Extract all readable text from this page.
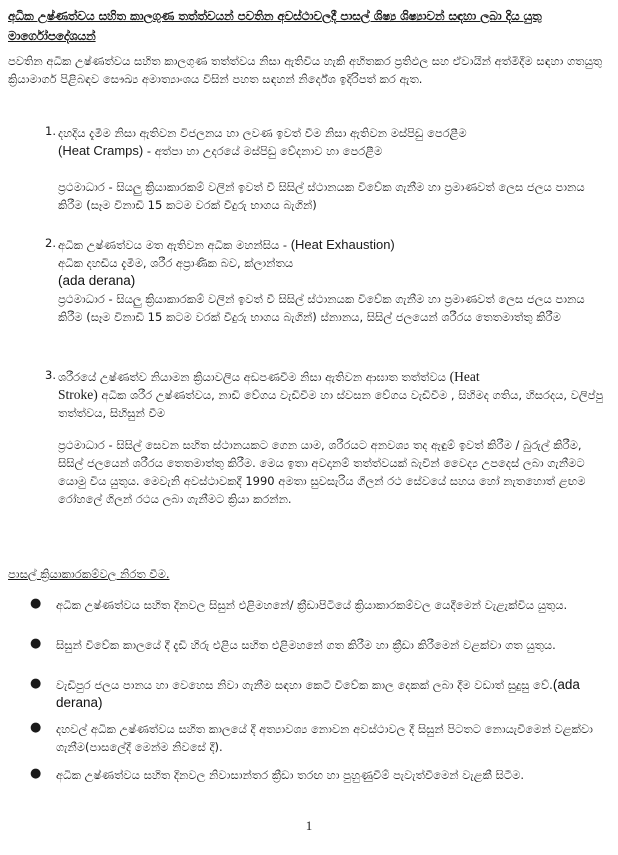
අධික උෂ්ණත්වය සහිත කාලගුණ තත්ත්වයන් පවතින අවස්ථාවලදී පාසල් ශිෂ්‍ය ශිෂ්‍යාවන් සඳහා ලබා දිය යුතු මාර්ගෝපදේශයන්
පවතින අධික උෂ්ණත්වය සහිත කාලගුණ තත්ත්වය නිසා ඇතිවිය හැකි අහිතකර ප්‍රතිඵල සහ ඒවායින් අත්මිදීම සඳහා ගතයුතු ක්‍රියාමාර්ග පිළිබඳව සෞඛ්‍ය අමාත්‍යාංශය විසින් පහත සඳහන් නිර්දේශ ඉදිරිපත් කර ඇත.
1. දහදිය දැමීම නිසා ඇතිවන විජලනය හා ලවණ ඉවත් වීම නිසා ඇතිවන මස්පිඩු පෙරළීම

(Heat Cramps) - අත්පා හා උදරයේ මස්පිඩු වේදනාව හා පෙරළීම

ප්‍රථමාධාර - සියලු ක්‍රියාකාරකම් වලින් ඉවත් වී සිසිල් ස්ථානයක විවේක ගැනීම හා ප්‍රමාණවත් ලෙස ජලය පානය කිරීම (සෑම විනාඩි 15 කටම වරක් වීදුරු භාගය බැගින්)

2. අධික උෂ්ණත්වය මත ඇතිවන අධික මහන්සිය - (Heat Exhaustion)

අධික දහඩිය දැමීම, ශරීර අප්‍රාණික බව, ක්ලාන්තය

(ada derana)

ප්‍රථමාධාර - සියලු ක්‍රියාකාරකම් වලින් ඉවත් වී සිසිල් ස්ථානයක විවේක ගැනීම හා ප්‍රමාණවත් ලෙස ජලය පානය කිරීම (සෑම විනාඩි 15 කටම වරක් වීදුරු භාගය බැගින්) ස්නානය, සිසිල් ජලයෙන් ශරීරය තෙතමාත්තු කිරීම

3. ශරීරයේ උෂ්ණත්ව නියාමන ක්‍රියාවලිය අඩපණවීම නිසා ඇතිවන ආඝාත තත්ත්වය (Heat

Stroke) අධික ශරීර උෂ්ණත්වය, නාඩි වේගය වැඩිවීම හා ස්වසන වේගය වැඩිවීම , සිහිමද ගතිය, හිසරදය, වලිප්පු තත්ත්වය, සිහිසුන් වීම

ප්‍රථමාධාර - සිසිල් සෙවන සහිත ස්ථානයකට ගෙන යාම, ශරීරයට අනවශ්‍ය තද ඇඳුම් ඉවත් කිරීම / බුරුල් කිරීම, සිසිල් ජලයෙන් ශරීරය තෙතමාත්තු කිරීම. මෙය ඉතා අවදානම් තත්ත්වයක් බැවින් වෛද්‍ය උපදෙස් ලබා ගැනීමට යොමු විය යුතුය. මෙවැනි අවස්ථාවකදී 1990 අමතා සුවසැරිය ගිලන් රථ සේවයේ සහය හෝ නැතහොත් ළඟම රෝහලේ ගිලන් රථය ලබා ගැනීමට ක්‍රියා කරන්න.

පාසල් ක්‍රියාකාරකම්වල නිරත වීම.
● අධික උෂ්ණත්වය සහිත දිනවල සිසුන් එළිමහනේ/ ක්‍රීඩාපිටියේ ක්‍රියාකාරකම්වල යෙදීමෙන් වැළැක්විය යුතුය.
● සිසුන් විවේක කාලයේ දී දැඩි හිරු එළිය සහිත එළිමහනේ ගත කිරීම හා ක්‍රීඩා කිරීමෙන් වළක්වා ගත යුතුය.
● වැඩිපුර ජලය පානය හා වෙහෙස නිවා ගැනීම සඳහා කෙටි විවේක කාල දෙකක් ලබා දීම වඩාත් සුදුසු වේ.(ada derana)
● දහවල් අධික උෂ්ණත්වය සහිත කාලයේ දී අත්‍යාවශ්‍ය නොවන අවස්ථාවල දී සිසුන් පිටතට නොයැවීමෙන් වළක්වා ගැනීම(පාසලේදී මෙන්ම නිවසේ දී).
● අධික උෂ්ණත්වය සහිත දිනවල නිවාසාන්තර ක්‍රීඩා තරඟ හා පුහුණුවීම් පැවැත්වීමෙන් වැළකී සිටීම.
1
